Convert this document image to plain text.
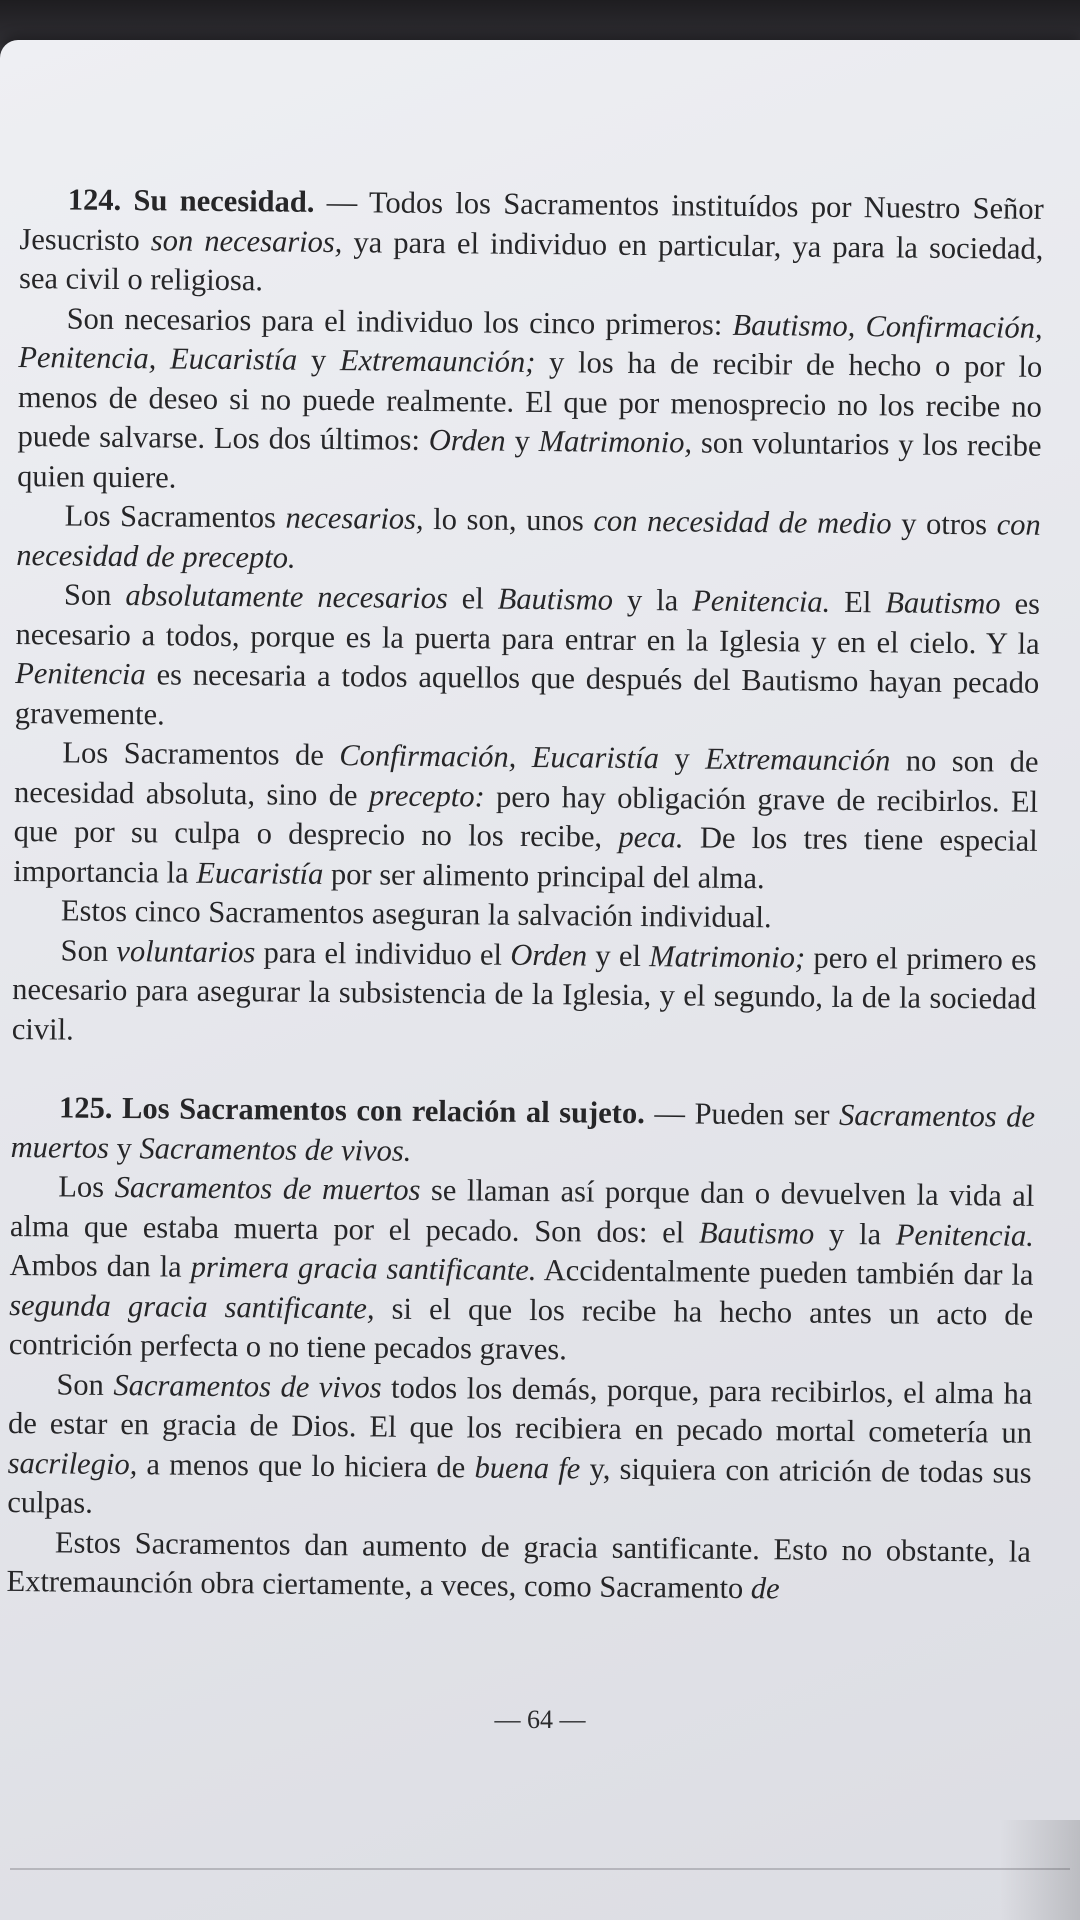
124. Su necesidad. — Todos los Sacramentos instituídos por Nuestro Señor Jesucristo son necesarios, ya para el individuo en particular, ya para la sociedad, sea civil o religiosa.

Son necesarios para el individuo los cinco primeros: Bautismo, Confirmación, Penitencia, Eucaristía y Extremaunción; y los ha de recibir de hecho o por lo menos de deseo si no puede realmente. El que por menosprecio no los recibe no puede salvarse. Los dos últimos: Orden y Matrimonio, son voluntarios y los recibe quien quiere.

Los Sacramentos necesarios, lo son, unos con necesidad de medio y otros con necesidad de precepto.

Son absolutamente necesarios el Bautismo y la Penitencia. El Bautismo es necesario a todos, porque es la puerta para entrar en la Iglesia y en el cielo. Y la Penitencia es necesaria a todos aquellos que después del Bautismo hayan pecado gravemente.

Los Sacramentos de Confirmación, Eucaristía y Extremaunción no son de necesidad absoluta, sino de precepto: pero hay obligación grave de recibirlos. El que por su culpa o desprecio no los recibe, peca. De los tres tiene especial importancia la Eucaristía por ser alimento principal del alma.

Estos cinco Sacramentos aseguran la salvación individual.

Son voluntarios para el individuo el Orden y el Matrimonio; pero el primero es necesario para asegurar la subsistencia de la Iglesia, y el segundo, la de la sociedad civil.

125. Los Sacramentos con relación al sujeto. — Pueden ser Sacramentos de muertos y Sacramentos de vivos.

Los Sacramentos de muertos se llaman así porque dan o devuelven la vida al alma que estaba muerta por el pecado. Son dos: el Bautismo y la Penitencia. Ambos dan la primera gracia santificante. Accidentalmente pueden también dar la segunda gracia santificante, si el que los recibe ha hecho antes un acto de contrición perfecta o no tiene pecados graves.

Son Sacramentos de vivos todos los demás, porque, para recibirlos, el alma ha de estar en gracia de Dios. El que los recibiera en pecado mortal cometería un sacrilegio, a menos que lo hiciera de buena fe y, siquiera con atrición de todas sus culpas.

Estos Sacramentos dan aumento de gracia santificante. Esto no obstante, la Extremaunción obra ciertamente, a veces, como Sacramento de

— 64 —
